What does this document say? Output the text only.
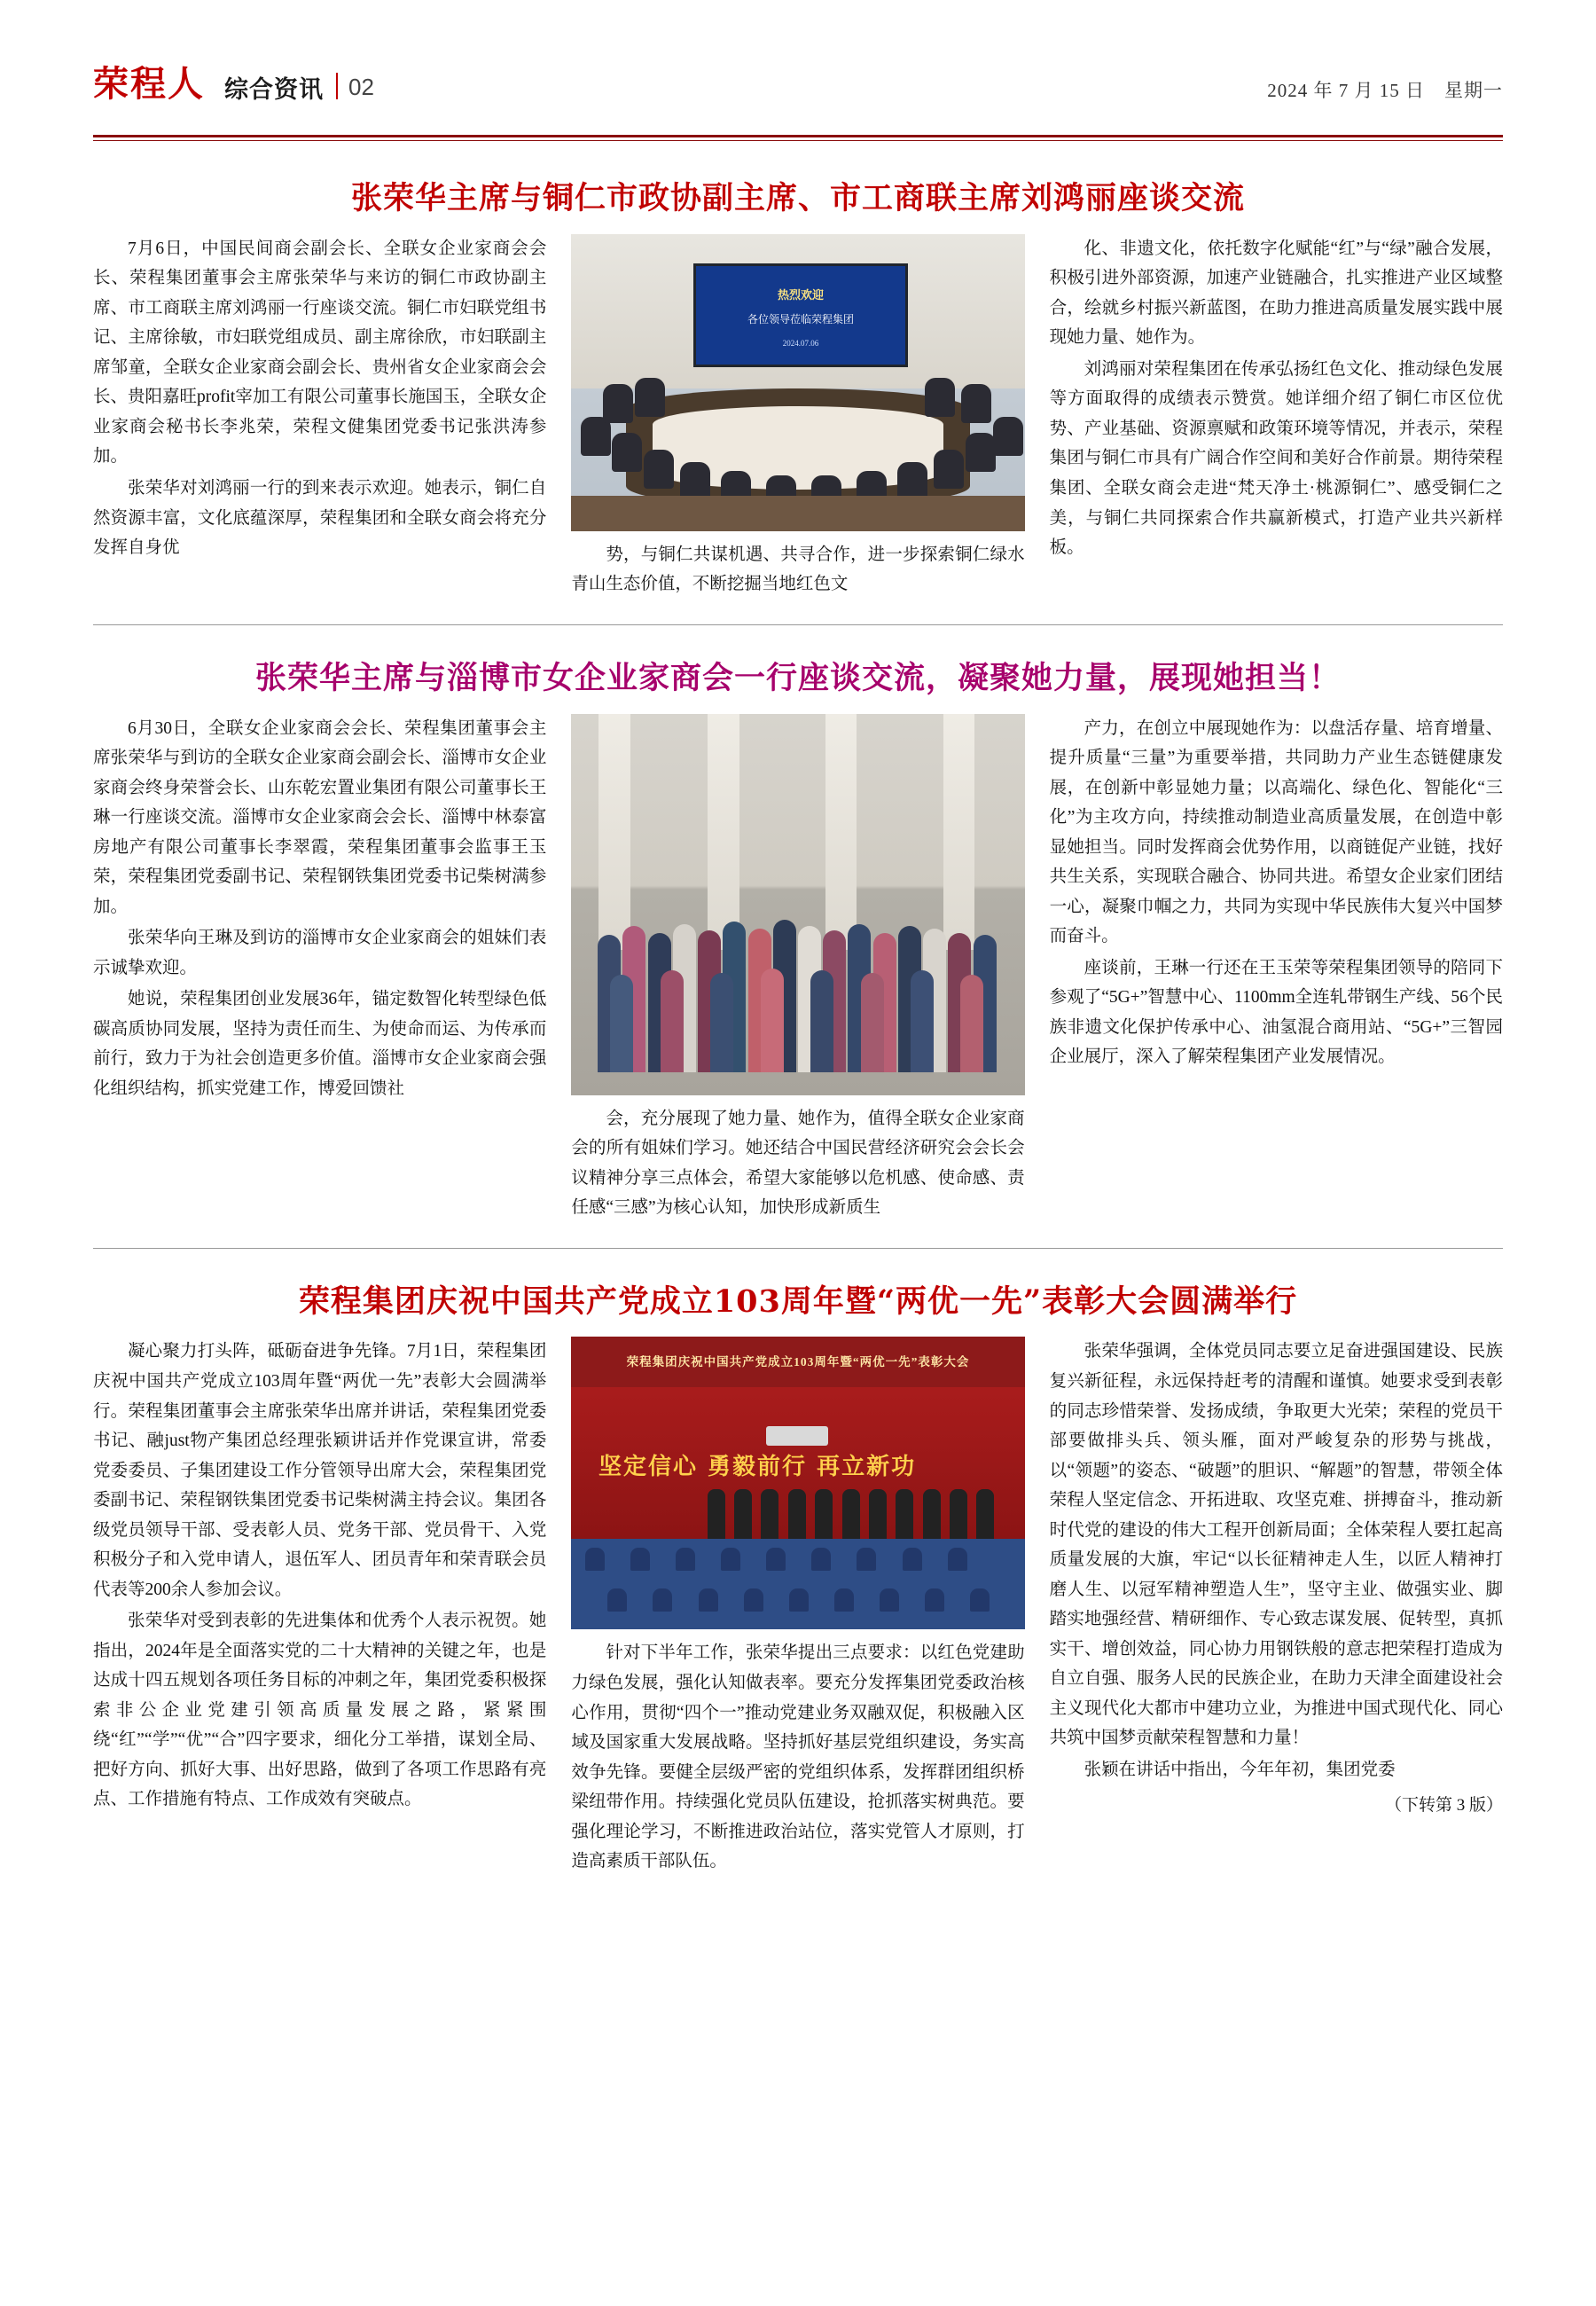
荣程人 综合资讯	02	2024 年 7 月 15 日　星期一
张荣华主席与铜仁市政协副主席、市工商联主席刘鸿丽座谈交流

7月6日，中国民间商会副会长、全联女企业家商会会长、荣程集团董事会主席张荣华与来访的铜仁市政协副主席、市工商联主席刘鸿丽一行座谈交流。铜仁市妇联党组书记、主席徐敏，市妇联党组成员、副主席徐欣，市妇联副主席邹童，全联女企业家商会副会长、贵州省女企业家商会会长、贵阳嘉旺profit宰加工有限公司董事长施国玉，全联女企业家商会秘书长李兆荣，荣程文健集团党委书记张洪涛参加。

张荣华对刘鸿丽一行的到来表示欢迎。她表示，铜仁自然资源丰富，文化底蕴深厚，荣程集团和全联女商会将充分发挥自身优

热烈欢迎
各位领导莅临荣程集团
2024.07.06

势，与铜仁共谋机遇、共寻合作，进一步探索铜仁绿水青山生态价值，不断挖掘当地红色文

化、非遗文化，依托数字化赋能“红”与“绿”融合发展，积极引进外部资源，加速产业链融合，扎实推进产业区域整合，绘就乡村振兴新蓝图，在助力推进高质量发展实践中展现她力量、她作为。

刘鸿丽对荣程集团在传承弘扬红色文化、推动绿色发展等方面取得的成绩表示赞赏。她详细介绍了铜仁市区位优势、产业基础、资源禀赋和政策环境等情况，并表示，荣程集团与铜仁市具有广阔合作空间和美好合作前景。期待荣程集团、全联女商会走进“梵天净土·桃源铜仁”、感受铜仁之美，与铜仁共同探索合作共赢新模式，打造产业共兴新样板。

张荣华主席与淄博市女企业家商会一行座谈交流，凝聚她力量，展现她担当！

6月30日，全联女企业家商会会长、荣程集团董事会主席张荣华与到访的全联女企业家商会副会长、淄博市女企业家商会终身荣誉会长、山东乾宏置业集团有限公司董事长王琳一行座谈交流。淄博市女企业家商会会长、淄博中林泰富房地产有限公司董事长李翠霞，荣程集团董事会监事王玉荣，荣程集团党委副书记、荣程钢铁集团党委书记柴树满参加。

张荣华向王琳及到访的淄博市女企业家商会的姐妹们表示诚挚欢迎。

她说，荣程集团创业发展36年，锚定数智化转型绿色低碳高质协同发展，坚持为责任而生、为使命而运、为传承而前行，致力于为社会创造更多价值。淄博市女企业家商会强化组织结构，抓实党建工作，博爱回馈社

会，充分展现了她力量、她作为，值得全联女企业家商会的所有姐妹们学习。她还结合中国民营经济研究会会长会议精神分享三点体会，希望大家能够以危机感、使命感、责任感“三感”为核心认知，加快形成新质生

产力，在创立中展现她作为：以盘活存量、培育增量、提升质量“三量”为重要举措，共同助力产业生态链健康发展，在创新中彰显她力量；以高端化、绿色化、智能化“三化”为主攻方向，持续推动制造业高质量发展，在创造中彰显她担当。同时发挥商会优势作用，以商链促产业链，找好共生关系，实现联合融合、协同共进。希望女企业家们团结一心，凝聚巾帼之力，共同为实现中华民族伟大复兴中国梦而奋斗。

座谈前，王琳一行还在王玉荣等荣程集团领导的陪同下参观了“5G+”智慧中心、1100mm全连轧带钢生产线、56个民族非遗文化保护传承中心、油氢混合商用站、“5G+”三智园企业展厅，深入了解荣程集团产业发展情况。

荣程集团庆祝中国共产党成立103周年暨“两优一先”表彰大会圆满举行

凝心聚力打头阵，砥砺奋进争先锋。7月1日，荣程集团庆祝中国共产党成立103周年暨“两优一先”表彰大会圆满举行。荣程集团董事会主席张荣华出席并讲话，荣程集团党委书记、融just物产集团总经理张颖讲话并作党课宣讲，常委党委委员、子集团建设工作分管领导出席大会，荣程集团党委副书记、荣程钢铁集团党委书记柴树满主持会议。集团各级党员领导干部、受表彰人员、党务干部、党员骨干、入党积极分子和入党申请人，退伍军人、团员青年和荣青联会员代表等200余人参加会议。

张荣华对受到表彰的先进集体和优秀个人表示祝贺。她指出，2024年是全面落实党的二十大精神的关键之年，也是达成十四五规划各项任务目标的冲刺之年，集团党委积极探索非公企业党建引领高质量发展之路，紧紧围绕“红”“学”“优”“合”四字要求，细化分工举措，谋划全局、把好方向、抓好大事、出好思路，做到了各项工作思路有亮点、工作措施有特点、工作成效有突破点。

荣程集团庆祝中国共产党成立103周年暨“两优一先”表彰大会
坚定信心 勇毅前行 再立新功

针对下半年工作，张荣华提出三点要求：以红色党建助力绿色发展，强化认知做表率。要充分发挥集团党委政治核心作用，贯彻“四个一”推动党建业务双融双促，积极融入区域及国家重大发展战略。坚持抓好基层党组织建设，务实高效争先锋。要健全层级严密的党组织体系，发挥群团组织桥梁纽带作用。持续强化党员队伍建设，抢抓落实树典范。要强化理论学习，不断推进政治站位，落实党管人才原则，打造高素质干部队伍。

张荣华强调，全体党员同志要立足奋进强国建设、民族复兴新征程，永远保持赶考的清醒和谨慎。她要求受到表彰的同志珍惜荣誉、发扬成绩，争取更大光荣；荣程的党员干部要做排头兵、领头雁，面对严峻复杂的形势与挑战，以“领题”的姿态、“破题”的胆识、“解题”的智慧，带领全体荣程人坚定信念、开拓进取、攻坚克难、拼搏奋斗，推动新时代党的建设的伟大工程开创新局面；全体荣程人要扛起高质量发展的大旗，牢记“以长征精神走人生，以匠人精神打磨人生、以冠军精神塑造人生”，坚守主业、做强实业、脚踏实地强经营、精研细作、专心致志谋发展、促转型，真抓实干、增创效益，同心协力用钢铁般的意志把荣程打造成为自立自强、服务人民的民族企业，在助力天津全面建设社会主义现代化大都市中建功立业，为推进中国式现代化、同心共筑中国梦贡献荣程智慧和力量！

张颖在讲话中指出，今年年初，集团党委

（下转第 3 版）
